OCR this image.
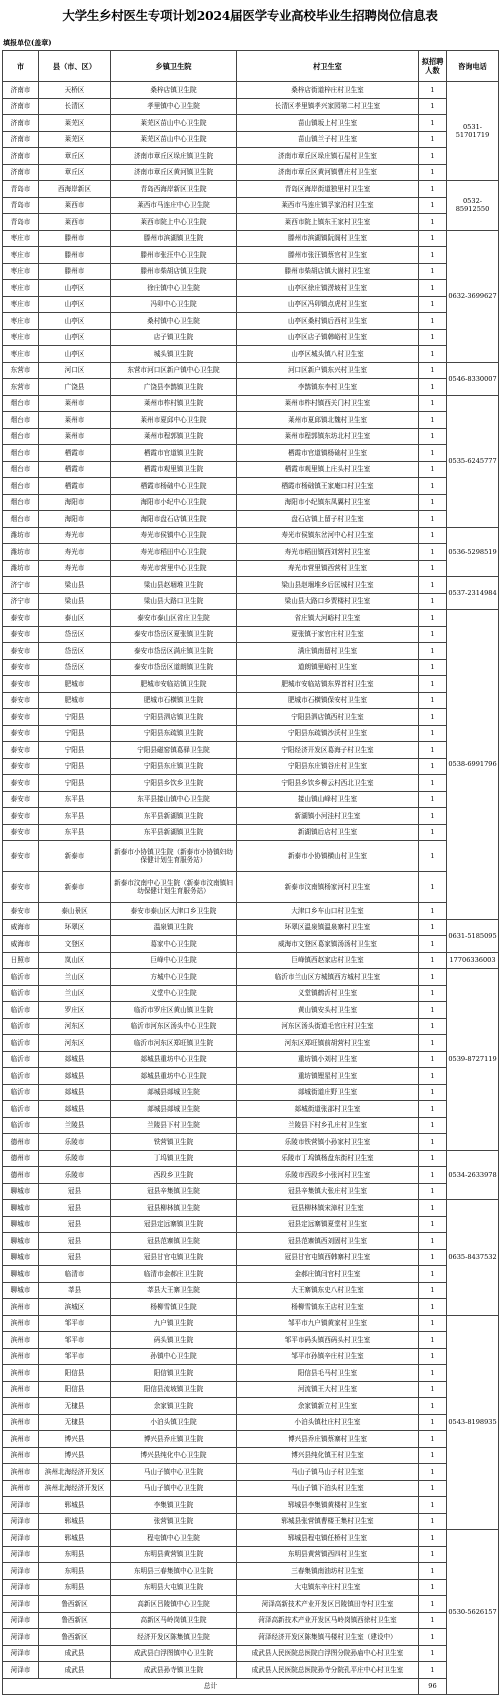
大学生乡村医生专项计划2024届医学专业高校毕业生招聘岗位信息表
填报单位(盖章)
市	县（市、区）	乡镇卫生院	村卫生室	拟招聘人数	咨询电话	
济南市	天桥区	桑梓店镇卫生院	桑梓店街道梓庄村卫生室	1	0531-51701719	
济南市	长清区	孝里镇中心卫生院	长清区孝里镇孝兴家园第二村卫生室	1		
济南市	莱芜区	莱芜区苗山中心卫生院	苗山镇坂上村卫生室	1		
济南市	莱芜区	莱芜区苗山中心卫生院	苗山镇兰子村卫生室	1		
济南市	章丘区	济南市章丘区垛庄镇卫生院	济南市章丘区垛庄镇石屋村卫生室	1		
济南市	章丘区	济南市章丘区黄河镇卫生院	济南市章丘区黄河镇曹庄村卫生室	1		
青岛市	西海岸新区	青岛西海岸新区卫生院	青岛区海岸街道独里村卫生室	1	0532-85912550	
青岛市	莱西市	莱西市马连庄中心卫生院	莱西市马连庄镇孚家泊村卫生室	1		
青岛市	莱西市	莱西市院上中心卫生院	莱西市院上镇东王家村卫生室	1		
枣庄市	滕州市	滕州市滨湖镇卫生院	滕州市滨湖镇阮阁村卫生室	1	0632-3699627	
枣庄市	滕州市	滕州市张汪中心卫生院	滕州市张汪镇蔡官村卫生室	1		
枣庄市	滕州市	滕州市柴胡店镇卫生院	滕州市柴胡店镇大崮村卫生室	1		
枣庄市	山亭区	徐庄镇中心卫生院	山亭区徐庄镇涝坡村卫生室	1		
枣庄市	山亭区	冯卯中心卫生院	山亭区冯卯镇点虎村卫生室	1		
枣庄市	山亭区	桑村镇中心卫生院	山亭区桑村镇后西村卫生室	1		
枣庄市	山亭区	店子镇卫生院	山亭区店子镇韩峪村卫生室	1		
枣庄市	山亭区	城头镇卫生院	山亭区城头镇八村卫生室	1		
东营市	河口区	东营市河口区新户镇中心卫生院	河口区新户镇东兴村卫生室	1	0546-8330007	
东营市	广饶县	广饶县李鹊镇卫生院	李鹊镇东李村卫生室	1		
烟台市	莱州市	莱州市柞村镇卫生院	莱州市柞村镇西关门村卫生室	1	0535-6245777	
烟台市	莱州市	莱州市夏邱中心卫生院	莱州市夏邱镇北魏村卫生室	1		
烟台市	莱州市	莱州市程郭镇卫生院	莱州市程郭镇东坊北村卫生室	1		
烟台市	栖霞市	栖霞市官道镇卫生院	栖霞市官道镇杨础村卫生室	1		
烟台市	栖霞市	栖霞市观里镇卫生院	栖霞市观里镇上庄头村卫生室	1		
烟台市	栖霞市	栖霞市杨础中心卫生院	栖霞市杨础镇王家庵口村卫生室	1		
烟台市	海阳市	海阳市小纪中心卫生院	海阳市小纪镇东凤翼村卫生室	1		
烟台市	海阳市	海阳市盘石店镇卫生院	盘石店镇上留子村卫生室	1		
潍坊市	寿光市	寿光市侯镇中心卫生院	寿光市侯镇东岔河中心村卫生室	1	0536-5298519	
潍坊市	寿光市	寿光市稻田中心卫生院	寿光市稻田镇西刘营村卫生室	1		
潍坊市	寿光市	寿光市营里中心卫生院	寿光市营里镇西营村卫生室	1		
济宁市	梁山县	梁山县赵堌堆卫生院	梁山县赵堌堆乡后匡城村卫生室	1	0537-2314984	
济宁市	梁山县	梁山县大路口卫生院	梁山县大路口乡贾楼村卫生室	1		
泰安市	泰山区	泰安市泰山区省庄卫生院	省庄镇大河峪村卫生室	1	0538-6991796	
泰安市	岱岳区	泰安市岱岳区夏张镇卫生院	夏张镇于家官庄村卫生室	1		
泰安市	岱岳区	泰安市岱岳区满庄镇卫生院	满庄镇南留村卫生室	1		
泰安市	岱岳区	泰安市岱岳区道朗镇卫生院	道朗镇里峪村卫生室	1		
泰安市	肥城市	肥城市安临站镇卫生院	肥城市安临站镇东界首村卫生室	1		
泰安市	肥城市	肥城市石横镇卫生院	肥城市石横镇保安村卫生室	1		
泰安市	宁阳县	宁阳县泗店镇卫生院	宁阳县泗店镇西村卫生室	1		
泰安市	宁阳县	宁阳县东疏镇卫生院	宁阳县东疏镇沙沃村卫生室	1		
泰安市	宁阳县	宁阳县磁窑镇葛驿卫生院	宁阳经济开发区葛海子村卫生室	1		
泰安市	宁阳县	宁阳县东庄镇卫生院	宁阳县东庄镇谷庄村卫生室	1		
泰安市	宁阳县	宁阳县乡饮乡卫生院	宁阳县乡饮乡柳云村西北卫生室	1		
泰安市	东平县	东平县接山镇中心卫生院	接山镇山峰村卫生室	1		
泰安市	东平县	东平县新湖镇卫生院	新湖镇小河洼村卫生室	1		
泰安市	东平县	东平县新湖镇卫生院	新湖镇后店村卫生室	1		
泰安市	新泰市	新泰市小协镇卫生院（新泰市小协镇妇幼保健计划生育服务站）	新泰市小协镇横山村卫生室	1		
泰安市	新泰市	新泰市汶南中心卫生院（新泰市汶南镇妇幼保健计划生育服务站）	新泰市汶南镇杨家河村卫生室	1		
泰安市	泰山景区	泰安市泰山区大津口乡卫生院	大津口乡车山口村卫生室	1		
威海市	环翠区	温泉镇卫生院	环翠区温泉镇温泉寨村卫生室	1	0631-5185095	
威海市	文登区	葛家中心卫生院	威海市文登区葛家镇汤汤村卫生室	1		
日照市	岚山区	巨峰中心卫生院	巨峰镇西赵家店村卫生室	1	17706336003	
临沂市	兰山区	方城中心卫生院	临沂市兰山区方城镇西方城村卫生室	1	0539-8727119	
临沂市	兰山区	义堂中心卫生院	义堂镇鹤沂村卫生室	1		
临沂市	罗庄区	临沂市罗庄区黄山镇卫生院	黄山镇安头村卫生室	1		
临沂市	河东区	临沂市河东区汤头中心卫生院	河东区汤头街道毛官庄村卫生室	1		
临沂市	河东区	临沂市河东区郑旺镇卫生院	河东区郑旺镇前胡营村卫生室	1		
临沂市	郯城县	郯城县重坊中心卫生院	重坊镇小刘村卫生室	1		
临沂市	郯城县	郯城县重坊中心卫生院	重坊镇锂星村卫生室	1		
临沂市	郯城县	郯城县郯城卫生院	郯城街道庄野卫生室	1		
临沂市	郯城县	郯城县郯城卫生院	郯城街道张邵村卫生室	1		
临沂市	兰陵县	兰陵县下村卫生院	兰陵县下村乡孔庄村卫生室	1		
德州市	乐陵市	铁营镇卫生院	乐陵市铁营镇小孙家村卫生室	1		
德州市	乐陵市	丁坞镇卫生院	乐陵市丁坞镇杨盘东街村卫生室	1	0534-2633978	
德州市	乐陵市	西段乡卫生院	乐陵市西段乡小张河村卫生室	1		
聊城市	冠县	冠县辛集镇卫生院	冠县辛集镇大张庄村卫生室	1		
聊城市	冠县	冠县柳林镇卫生院	冠县柳林镇宋漳村卫生室	1	0635-8437532	
聊城市	冠县	冠县定远寨镇卫生院	冠县定远寨镇夏堂村卫生室	1		
聊城市	冠县	冠县范寨镇卫生院	冠县范寨镇西刘固村卫生室	1		
聊城市	冠县	冠县甘官屯镇卫生院	冠县甘官屯镇西韩寨村卫生室	1		
聊城市	临清市	临清市金郝庄卫生院	金郝庄镇闫官村卫生室	1		
聊城市	莘县	莘县大王寨卫生院	大王寨镇东史八村卫生室	1		
滨州市	滨城区	杨柳雪镇卫生院	杨柳雪镇东王店村卫生室	1		
滨州市	邹平市	九户镇卫生院	邹平市九户镇黄家村卫生室	1	0543-8198935	
滨州市	邹平市	码头镇卫生院	邹平市码头镇西码头村卫生室	1		
滨州市	邹平市	孙镇中心卫生院	邹平市孙镇辛庄村卫生室	1		
滨州市	阳信县	阳信镇卫生院	阳信县毛马村卫生室	1		
滨州市	阳信县	阳信县流坡镇卫生院	河流镇王大村卫生室	1		
滨州市	无棣县	余家镇卫生院	余家镇新立村卫生室	1		
滨州市	无棣县	小泊头镇卫生院	小泊头镇杜庄村卫生室	1		
滨州市	博兴县	博兴县乔庄镇卫生院	博兴县乔庄镇蔡寨村卫生室	1		
滨州市	博兴县	博兴县纯化中心卫生院	博兴县纯化镇王村卫生室	1		
滨州市	滨州北海经济开发区	马山子镇中心卫生院	马山子镇马山子村卫生室	1		
滨州市	滨州北海经济开发区	马山子镇中心卫生院	马山子镇下泊头村卫生室	1		
菏泽市	郓城县	李集镇卫生院	郓城县李集镇黄楼村卫生室	1		
菏泽市	郓城县	张营镇卫生院	郓城县张营镇曹楼王集村卫生室	1		
菏泽市	郓城县	程屯镇中心卫生院	郓城县程屯镇任桥村卫生室	1	0530-5626157	
菏泽市	东明县	东明县黄营镇卫生院	东明县黄营镇西四村卫生室	1		
菏泽市	东明县	东明县三春集镇中心卫生院	三春集镇南油坊村卫生室	1		
菏泽市	东明县	东明县大屯镇卫生院	大屯镇东辛庄村卫生室	1		
菏泽市	鲁西新区	高新区吕陵镇中心卫生院	菏泽高新技术产业开发区吕陵镇田寺村卫生室	1		
菏泽市	鲁西新区	高新区马岭岗镇卫生院	菏泽高新技术产业开发区马岭岗镇西徐村卫生室	1		
菏泽市	鲁西新区	经济开发区陈集镇卫生院	菏泽经济开发区陈集镇马楼村卫生室（建设中）	1		
菏泽市	成武县	成武县白浮图镇中心卫生院	成武县人民医院总医院白浮图分院孙庙中心村卫生室	1		
菏泽市	成武县	成武县孙寺镇卫生院	成武县人民医院总医院孙寺分院孔平庄中心村卫生室	1		
总计				96		
